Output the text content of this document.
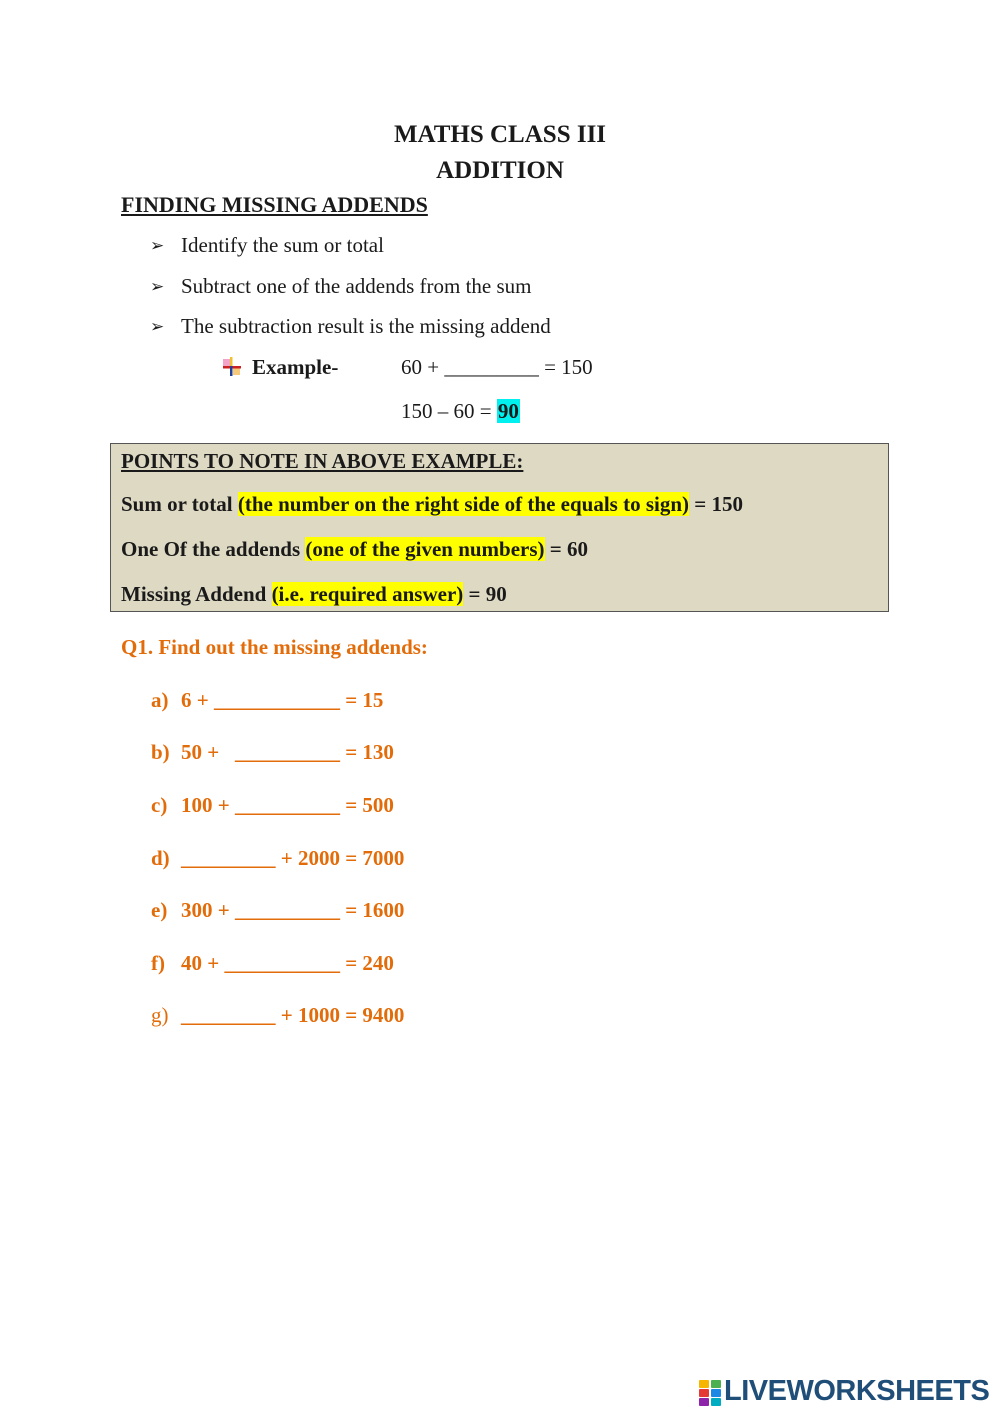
MATHS CLASS III
ADDITION
FINDING MISSING ADDENDS
➢ Identify the sum or total
➢ Subtract one of the addends from the sum
➢ The subtraction result is the missing addend
Example-	60 + _________ = 150
150 – 60 = 90
POINTS TO NOTE IN ABOVE EXAMPLE:
Sum or total (the number on the right side of the equals to sign) = 150
One Of the addends (one of the given numbers) = 60
Missing Addend (i.e. required answer) = 90
Q1. Find out the missing addends:
a) 6 + ____________ = 15
b) 50 +   __________ = 130
c) 100 + __________ = 500
d) _________ + 2000 = 7000
e) 300 + __________ = 1600
f) 40 + ___________ = 240
g) _________ + 1000 = 9400
LIVEWORKSHEETS
